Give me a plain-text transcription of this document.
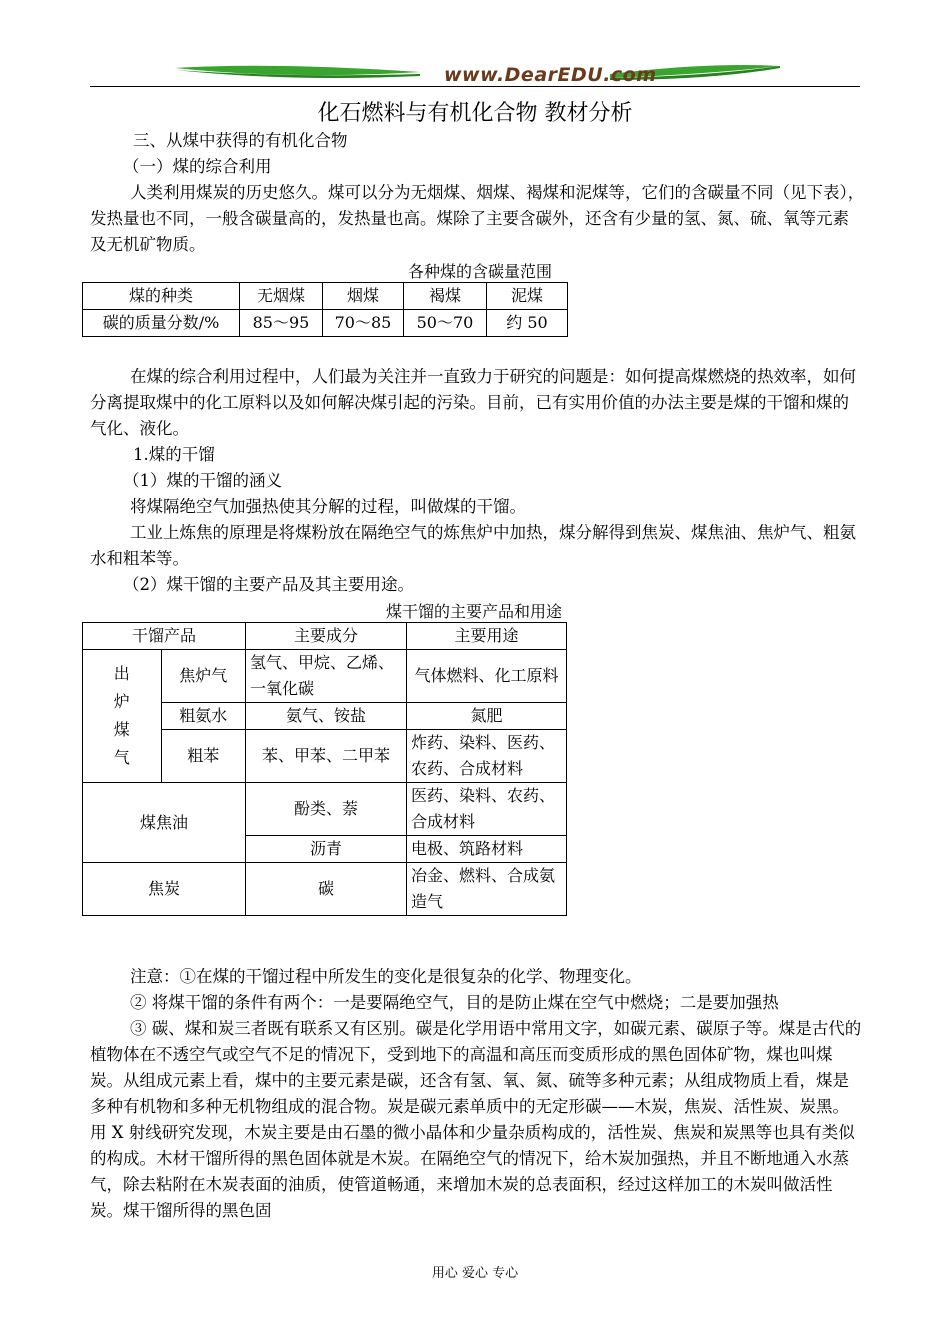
www.DearEDU.com
化石燃料与有机化合物 教材分析
三、从煤中获得的有机化合物
（一）煤的综合利用
人类利用煤炭的历史悠久。煤可以分为无烟煤、烟煤、褐煤和泥煤等，它们的含碳量不同（见下表），发热量也不同，一般含碳量高的，发热量也高。煤除了主要含碳外，还含有少量的氢、氮、硫、氧等元素及无机矿物质。
各种煤的含碳量范围
煤的种类	无烟煤	烟煤	褐煤	泥煤
碳的质量分数/%	85～95	70～85	50～70	约 50
在煤的综合利用过程中，人们最为关注并一直致力于研究的问题是：如何提高煤燃烧的热效率，如何分离提取煤中的化工原料以及如何解决煤引起的污染。目前，已有实用价值的办法主要是煤的干馏和煤的气化、液化。
1.煤的干馏
（1）煤的干馏的涵义
将煤隔绝空气加强热使其分解的过程，叫做煤的干馏。
工业上炼焦的原理是将煤粉放在隔绝空气的炼焦炉中加热，煤分解得到焦炭、煤焦油、焦炉气、粗氨水和粗苯等。
（2）煤干馏的主要产品及其主要用途。
煤干馏的主要产品和用途
干馏产品		主要成分	主要用途

出炉煤气	焦炉气	氢气、甲烷、乙烯、一氧化碳	气体燃料、化工原料
	粗氨水	氨气、铵盐	氮肥
	粗苯	苯、甲苯、二甲苯	炸药、染料、医药、农药、合成材料
煤焦油		酚类、萘	医药、染料、农药、合成材料
		沥青	电极、筑路材料
焦炭		碳	冶金、燃料、合成氨造气
注意：①在煤的干馏过程中所发生的变化是很复杂的化学、物理变化。
② 将煤干馏的条件有两个：一是要隔绝空气，目的是防止煤在空气中燃烧；二是要加强热
③ 碳、煤和炭三者既有联系又有区别。碳是化学用语中常用文字，如碳元素、碳原子等。煤是古代的植物体在不透空气或空气不足的情况下，受到地下的高温和高压而变质形成的黑色固体矿物，煤也叫煤炭。从组成元素上看，煤中的主要元素是碳，还含有氢、氧、氮、硫等多种元素；从组成物质上看，煤是多种有机物和多种无机物组成的混合物。炭是碳元素单质中的无定形碳——木炭，焦炭、活性炭、炭黑。用 X 射线研究发现，木炭主要是由石墨的微小晶体和少量杂质构成的，活性炭、焦炭和炭黑等也具有类似的构成。木材干馏所得的黑色固体就是木炭。在隔绝空气的情况下，给木炭加强热，并且不断地通入水蒸气，除去粘附在木炭表面的油质，使管道畅通，来增加木炭的总表面积，经过这样加工的木炭叫做活性炭。煤干馏所得的黑色固
用心 爱心 专心
